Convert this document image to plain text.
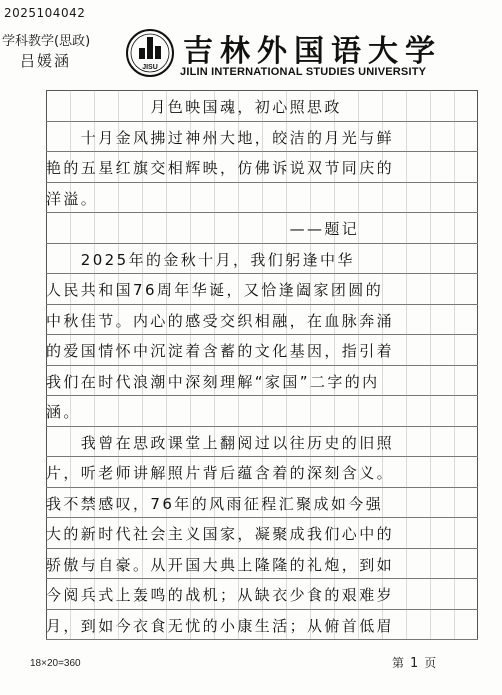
2025104042
学科教学(思政)
吕媛涵	JISU 吉林外国语大学
JILIN INTERNATIONAL STUDIES UNIVERSITY
　　　　　　月色映国魂，初心照思政
　　十月金风拂过神州大地，皎洁的月光与鲜
艳的五星红旗交相辉映，仿佛诉说双节同庆的
洋溢。
　　　　　　　　　　　　　　——题记
　　2025年的金秋十月，我们躬逢中华
人民共和国76周年华诞，又恰逢阖家团圆的
中秋佳节。内心的感受交织相融，在血脉奔涌
的爱国情怀中沉淀着含蓄的文化基因，指引着
我们在时代浪潮中深刻理解“家国”二字的内
涵。
　　我曾在思政课堂上翻阅过以往历史的旧照
片，听老师讲解照片背后蕴含着的深刻含义。
我不禁感叹，76年的风雨征程汇聚成如今强
大的新时代社会主义国家，凝聚成我们心中的
骄傲与自豪。从开国大典上隆隆的礼炮，到如
今阅兵式上轰鸣的战机；从缺衣少食的艰难岁
月，到如今衣食无忧的小康生活；从俯首低眉
18×20=360	第 1 页
